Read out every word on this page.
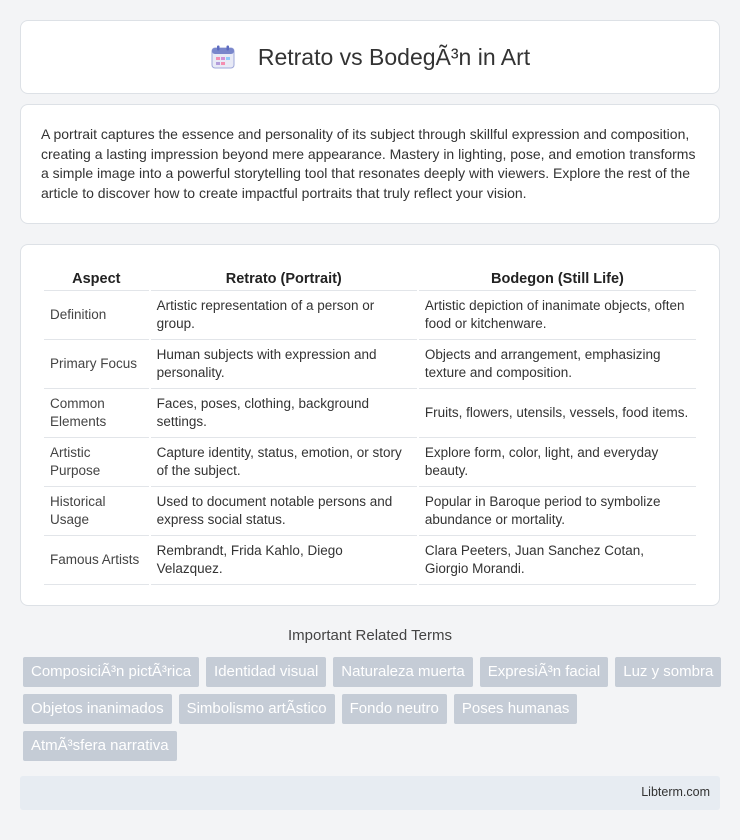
Retrato vs BodegÃ³n in Art

A portrait captures the essence and personality of its subject through skillful expression and composition, creating a lasting impression beyond mere appearance. Mastery in lighting, pose, and emotion transforms a simple image into a powerful storytelling tool that resonates deeply with viewers. Explore the rest of the article to discover how to create impactful portraits that truly reflect your vision.

Aspect	Retrato (Portrait)	Bodegon (Still Life)
Definition	Artistic representation of a person or group.	Artistic depiction of inanimate objects, often food or kitchenware.
Primary Focus	Human subjects with expression and personality.	Objects and arrangement, emphasizing texture and composition.
Common Elements	Faces, poses, clothing, background settings.	Fruits, flowers, utensils, vessels, food items.
Artistic Purpose	Capture identity, status, emotion, or story of the subject.	Explore form, color, light, and everyday beauty.
Historical Usage	Used to document notable persons and express social status.	Popular in Baroque period to symbolize abundance or mortality.
Famous Artists	Rembrandt, Frida Kahlo, Diego Velazquez.	Clara Peeters, Juan Sanchez Cotan, Giorgio Morandi.
Important Related Terms
ComposiciÃ³n pictÃ³rica	Identidad visual	Naturaleza muerta	ExpresiÃ³n facial	Luz y sombra
Objetos inanimados	Simbolismo artÃstico	Fondo neutro	Poses humanas
AtmÃ³sfera narrativa
Libterm.com
